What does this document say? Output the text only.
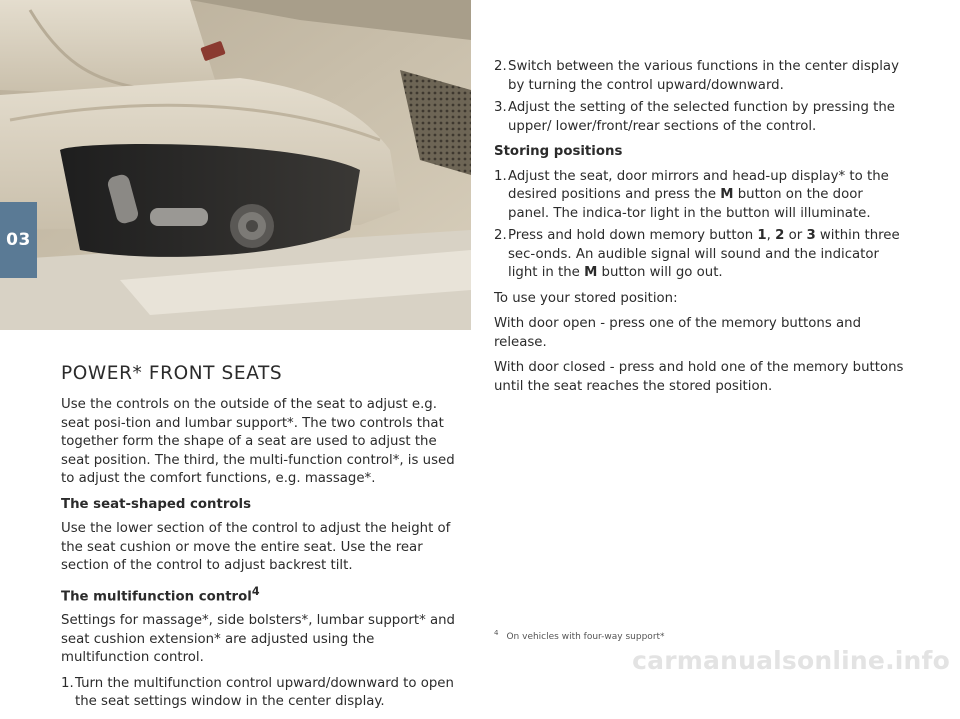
03
POWER* FRONT SEATS

Use the controls on the outside of the seat to adjust e.g. seat posi-tion and lumbar support*. The two controls that together form the shape of a seat are used to adjust the seat position. The third, the multi-function control*, is used to adjust the comfort functions, e.g. massage*.

The seat-shaped controls

Use the lower section of the control to adjust the height of the seat cushion or move the entire seat. Use the rear section of the control to adjust backrest tilt.

The multifunction control$^4$

Settings for massage*, side bolsters*, lumbar support* and seat cushion extension* are adjusted using the multifunction control.

1. Turn the multifunction control upward/downward to open the seat settings window in the center display.
2. Switch between the various functions in the center display by turning the control upward/downward.
3. Adjust the setting of the selected function by pressing the upper/ lower/front/rear sections of the control.
Storing positions
1. Adjust the seat, door mirrors and head-up display* to the desired positions and press the M button on the door panel. The indica-tor light in the button will illuminate.
2. Press and hold down memory button 1, 2 or 3 within three sec-onds. An audible signal will sound and the indicator light in the M button will go out.

To use your stored position:

With door open - press one of the memory buttons and release.

With door closed - press and hold one of the memory buttons until the seat reaches the stored position.

$^4$ On vehicles with four-way support*
carmanualsonline.info
